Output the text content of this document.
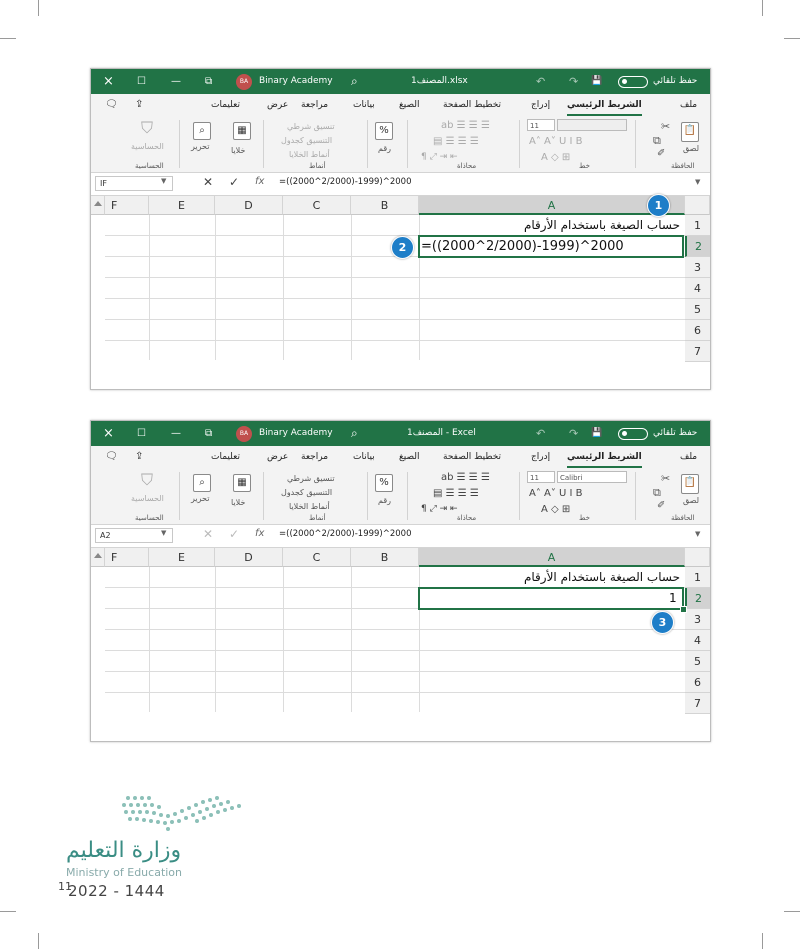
× ☐	— ⧉	BA	Binary Academy ⌕	المصنف1.xlsx	↶ ↷ 💾	حفظ تلقائي
🗨 ⇪	تعليمات	عرض مراجعة	بيانات	الصيغ	تخطيط الصفحة	إدراج الشريط الرئيسي	ملف
⛉
الحساسية
الحساسية
⌕
تحرير
▦
خلايا
تنسيق شرطي
التنسيق كجدول
أنماط الخلايا
أنماط
%
رقم
ab ☰ ☰ ☰
▤ ☰ ☰ ☰
¶ ⤢ ⇥ ⇤
محاذاة
11
A˄ A˅ U I B
A ◇ ⊞
خط
✂
⧉
✐
📋
لصق
الحافظة
IF	▼	✕ ✓ fx =((2000^2/2000)-1999)^2000	▼
F	E	D	C	B	A
1
2
3
4
5
6
7
حساب الصيغة باستخدام الأرقام
=((2000^2/2000)-1999)^2000
1
2
× ☐	— ⧉	BA	Binary Academy ⌕	المصنف1 - Excel	↶ ↷ 💾	حفظ تلقائي
🗨 ⇪	تعليمات	عرض مراجعة	بيانات	الصيغ	تخطيط الصفحة	إدراج الشريط الرئيسي	ملف
⛉
الحساسية
الحساسية
⌕
تحرير
▦
خلايا
تنسيق شرطي
التنسيق كجدول
أنماط الخلايا
أنماط
%
رقم
ab ☰ ☰ ☰
▤ ☰ ☰ ☰
¶ ⤢ ⇥ ⇤
محاذاة
11	Calibri
A˄ A˅ U I B
A ◇ ⊞
خط
✂
⧉
✐
📋
لصق
الحافظة
A2	▼	✕ ✓ fx =((2000^2/2000)-1999)^2000	▼
F	E	D	C	B	A
1
2
3
4
5
6
7
حساب الصيغة باستخدام الأرقام
1
3
وزارة التعليم
Ministry of Education
11
2022 - 1444
